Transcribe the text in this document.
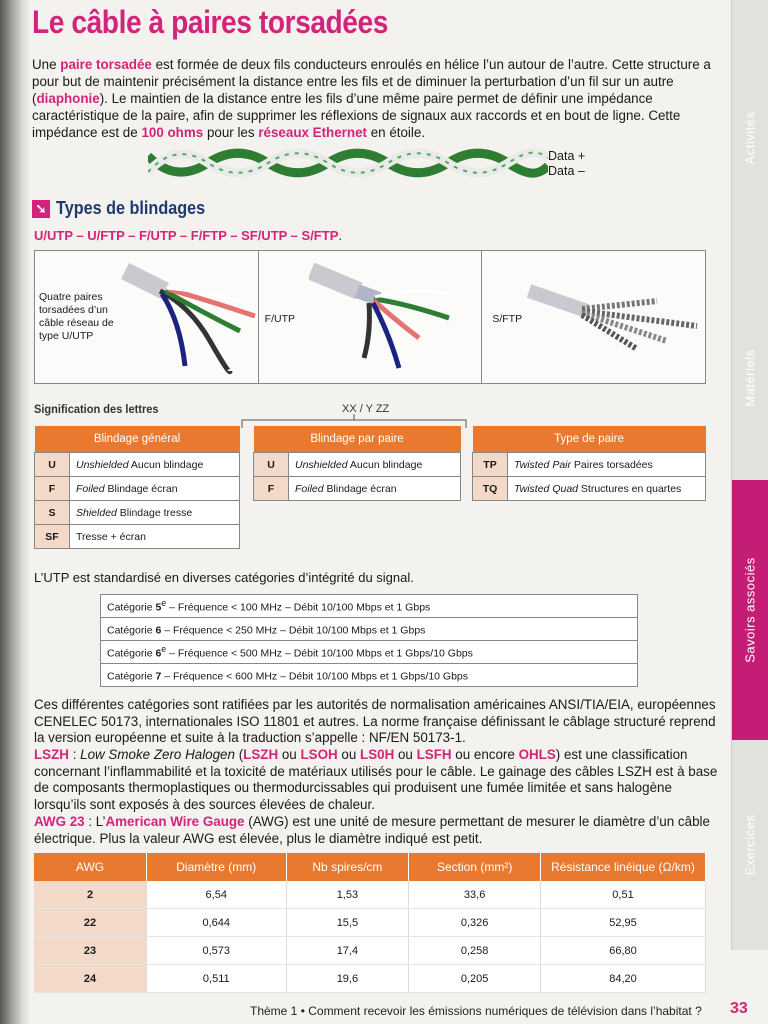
Le câble à paires torsadées
Une paire torsadée est formée de deux fils conducteurs enroulés en hélice l’un autour de l’autre. Cette structure a pour but de maintenir précisément la distance entre les fils et de diminuer la perturbation d’un fil sur un autre (diaphonie). Le maintien de la distance entre les fils d’une même paire permet de définir une impédance caractéristique de la paire, afin de supprimer les réflexions de signaux aux raccords et en bout de ligne. Cette impédance est de 100 ohms pour les réseaux Ethernet en étoile.
Data +
Data –
➘ Types de blindages
U/UTP – U/FTP – F/UTP – F/FTP – SF/UTP – S/FTP.
Quatre paires torsadées d’un câble réseau de type U/UTP
F/UTP	S/FTP
Signification des lettres	XX / Y ZZ
Blindage général	
U	Unshielded Aucun blindage
F	Foiled Blindage écran
S	Shielded Blindage tresse
SF	Tresse + écran
Blindage par paire	
U	Unshielded Aucun blindage
F	Foiled Blindage écran
Type de paire	
TP	Twisted Pair Paires torsadées
TQ	Twisted Quad Structures en quartes
L’UTP est standardisé en diverses catégories d’intégrité du signal.
Catégorie 5e – Fréquence < 100 MHz – Débit 10/100 Mbps et 1 Gbps
Catégorie 6 – Fréquence < 250 MHz – Débit 10/100 Mbps et 1 Gbps
Catégorie 6e – Fréquence < 500 MHz – Débit 10/100 Mbps et 1 Gbps/10 Gbps
Catégorie 7 – Fréquence < 600 MHz – Débit 10/100 Mbps et 1 Gbps/10 Gbps
Ces différentes catégories sont ratifiées par les autorités de normalisation américaines ANSI/TIA/EIA, européennes CENELEC 50173, internationales ISO 11801 et autres. La norme française définissant le câblage structuré reprend la version européenne et suite à la traduction s’appelle : NF/EN 50173-1.
LSZH : Low Smoke Zero Halogen (LSZH ou LSOH ou LS0H ou LSFH ou encore OHLS) est une classification concernant l’inflammabilité et la toxicité de matériaux utilisés pour le câble. Le gainage des câbles LSZH est à base de composants thermoplastiques ou thermodurcissables qui produisent une fumée limitée et sans halogène lorsqu’ils sont exposés à des sources élevées de chaleur.
AWG 23 : L’American Wire Gauge (AWG) est une unité de mesure permettant de mesurer le diamètre d’un câble électrique. Plus la valeur AWG est élevée, plus le diamètre indiqué est petit.
AWG	Diamètre (mm)	Nb spires/cm	Section (mm²)	Résistance linéique (Ω/km)
2	6,54	1,53	33,6	0,51
22	0,644	15,5	0,326	52,95
23	0,573	17,4	0,258	66,80
24	0,511	19,6	0,205	84,20
Thème 1 • Comment recevoir les émissions numériques de télévision dans l’habitat ? 33
Activités
Matériels
Savoirs associés
Exercices
